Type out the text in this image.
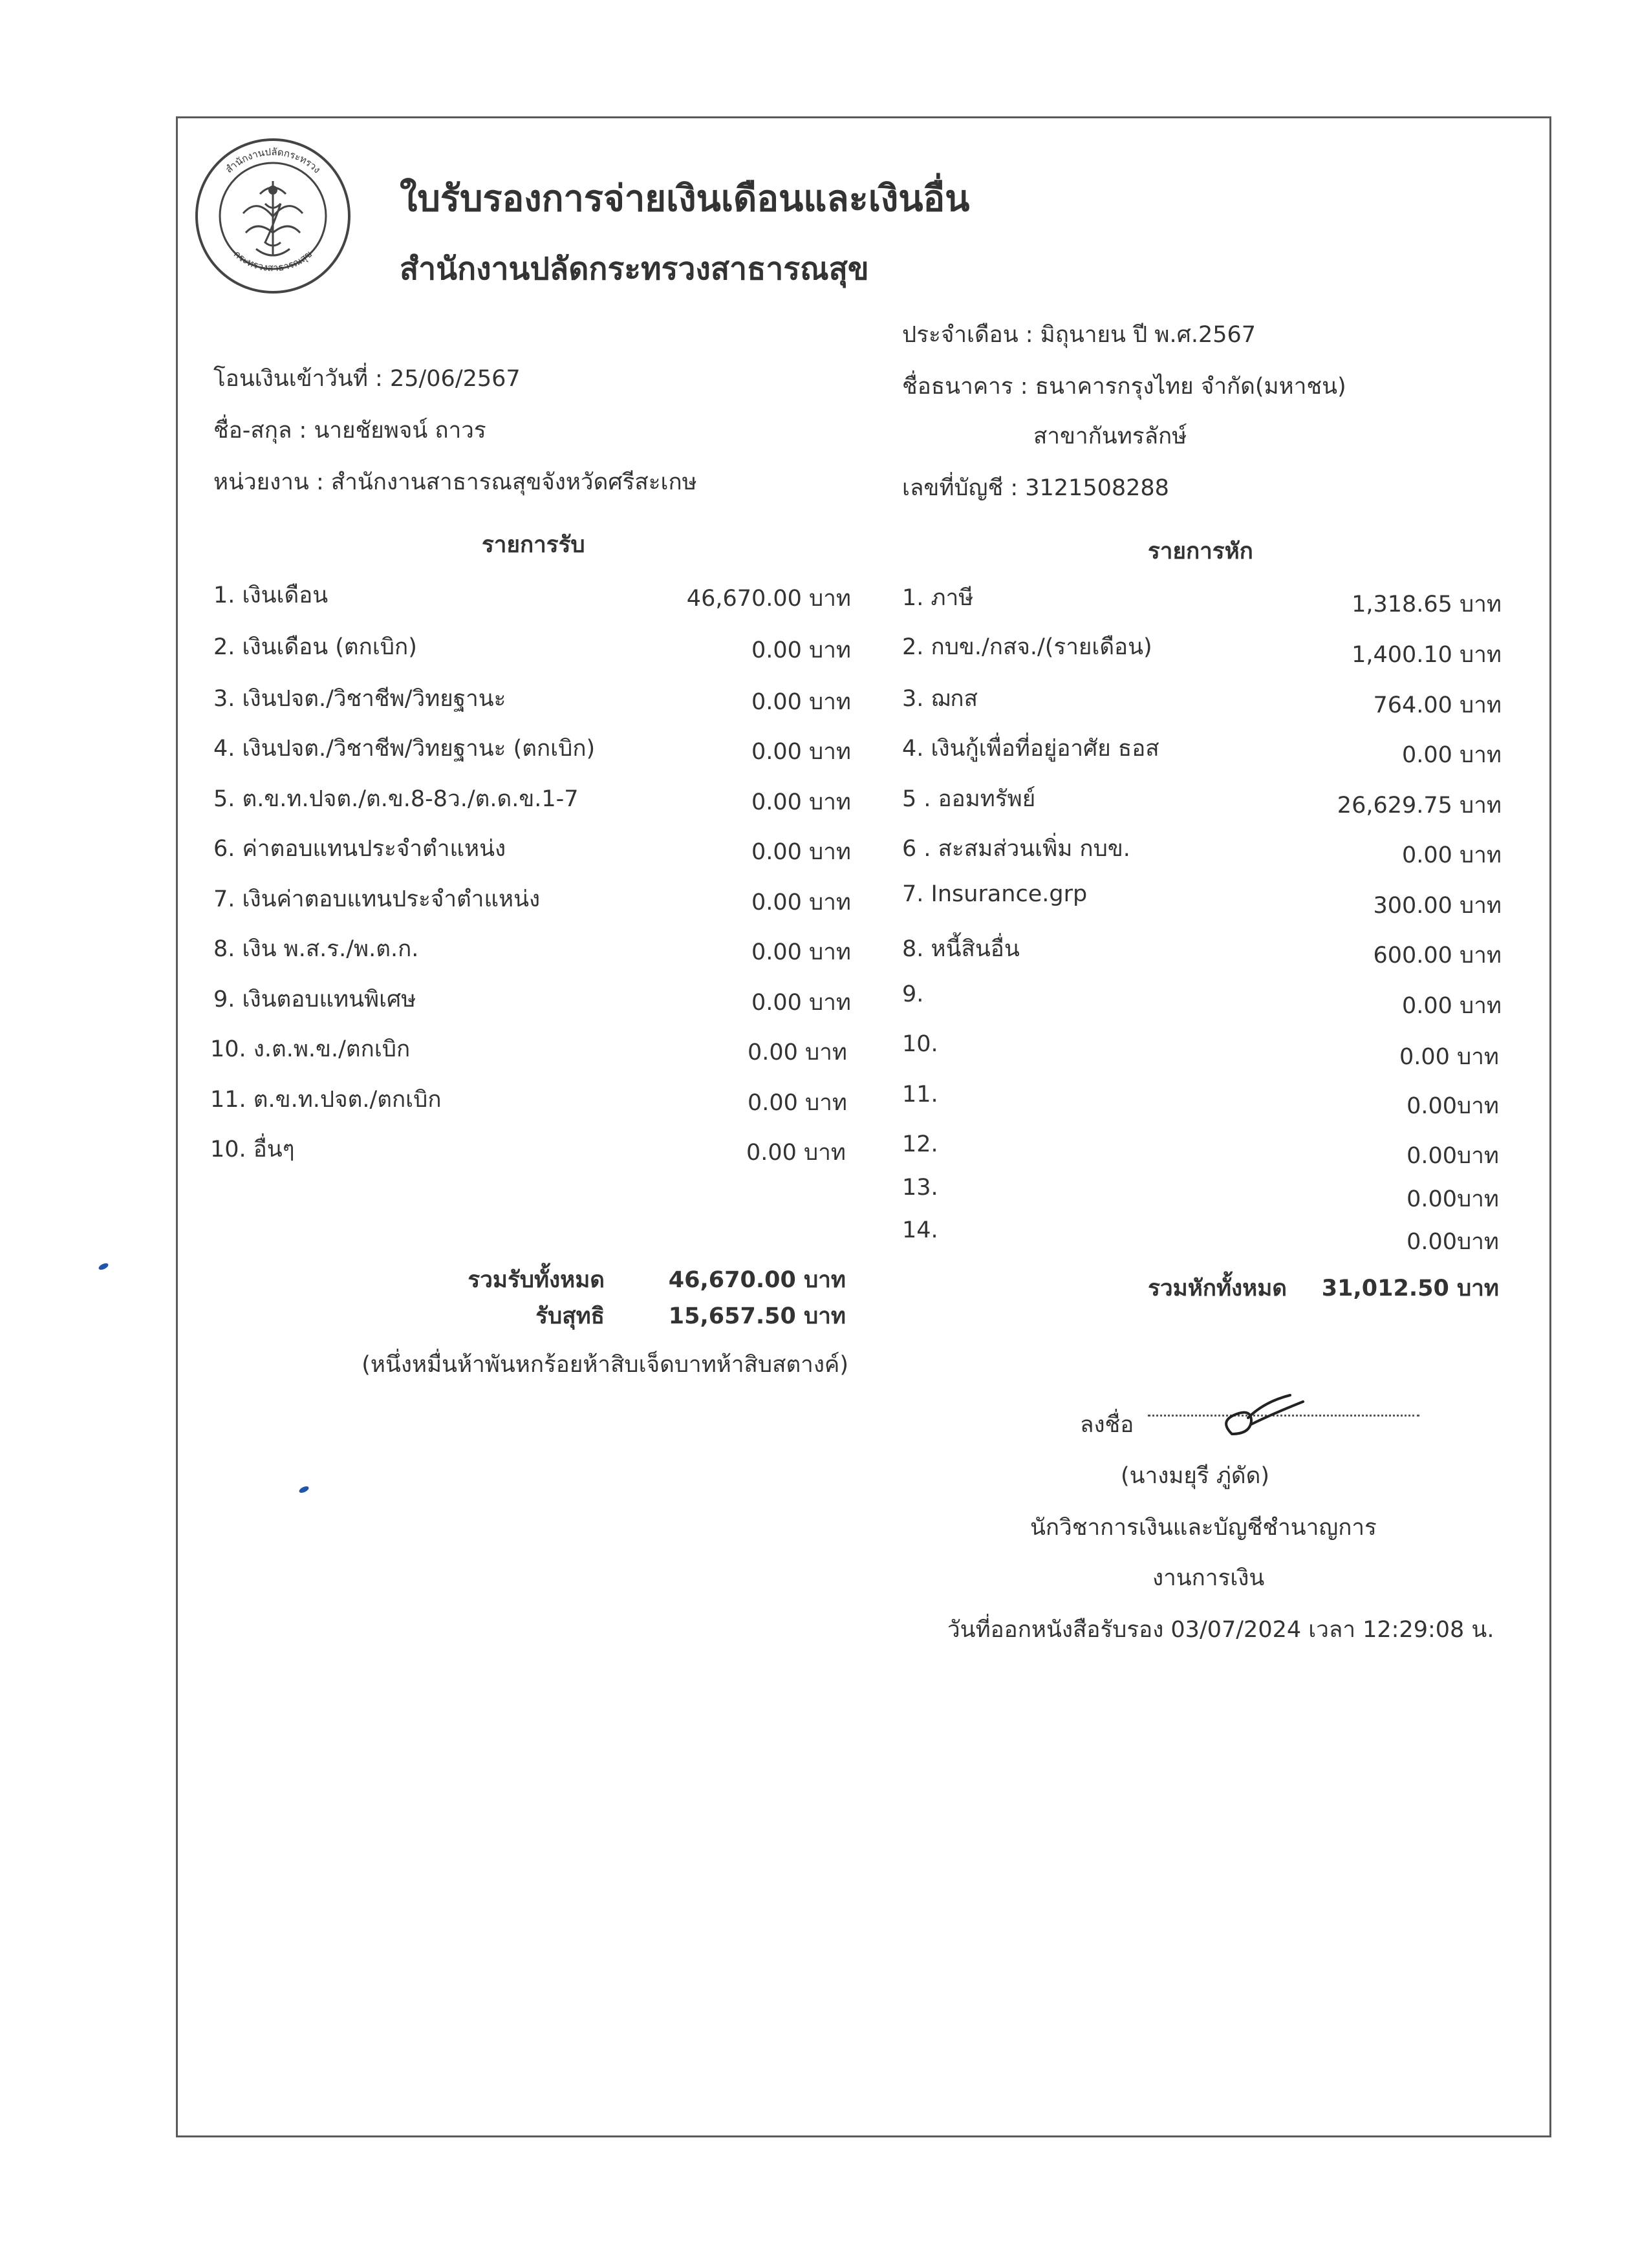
สำนักงานปลัดกระทรวง
กระทรวงสาธารณสุข
ใบรับรองการจ่ายเงินเดือนและเงินอื่น
สำนักงานปลัดกระทรวงสาธารณสุข
ประจำเดือน : มิถุนายน ปี พ.ศ.2567
ชื่อธนาคาร : ธนาคารกรุงไทย จำกัด(มหาชน)
สาขากันทรลักษ์
เลขที่บัญชี : 3121508288
โอนเงินเข้าวันที่ : 25/06/2567
ชื่อ-สกุล : นายชัยพจน์ ถาวร
หน่วยงาน : สำนักงานสาธารณสุขจังหวัดศรีสะเกษ
รายการรับ	รายการหัก
1. เงินเดือน	46,670.00 บาท
2. เงินเดือน (ตกเบิก)	0.00 บาท
3. เงินปจต./วิชาชีพ/วิทยฐานะ	0.00 บาท
4. เงินปจต./วิชาชีพ/วิทยฐานะ (ตกเบิก)	0.00 บาท
5. ต.ข.ท.ปจต./ต.ข.8-8ว./ต.ด.ข.1-7	0.00 บาท
6. ค่าตอบแทนประจำตำแหน่ง	0.00 บาท
7. เงินค่าตอบแทนประจำตำแหน่ง	0.00 บาท
8. เงิน พ.ส.ร./พ.ต.ก.	0.00 บาท
9. เงินตอบแทนพิเศษ	0.00 บาท
10. ง.ต.พ.ข./ตกเบิก	0.00 บาท
11. ต.ข.ท.ปจต./ตกเบิก	0.00 บาท
10. อื่นๆ	0.00 บาท
1. ภาษี	1,318.65 บาท
2. กบข./กสจ./(รายเดือน)	1,400.10 บาท
3. ฌกส	764.00 บาท
4. เงินกู้เพื่อที่อยู่อาศัย ธอส	0.00 บาท
5 . ออมทรัพย์	26,629.75 บาท
6 . สะสมส่วนเพิ่ม กบข.	0.00 บาท
7. Insurance.grp	300.00 บาท
8. หนี้สินอื่น	600.00 บาท
9.	0.00 บาท
10.	0.00 บาท
11.	0.00บาท
12.	0.00บาท
13.	0.00บาท
14.	0.00บาท
รวมรับทั้งหมด	46,670.00 บาท
รับสุทธิ	15,657.50 บาท
(หนึ่งหมื่นห้าพันหกร้อยห้าสิบเจ็ดบาทห้าสิบสตางค์)
รวมหักทั้งหมด 31,012.50 บาท
ลงชื่อ
(นางมยุรี ภู่ดัด)
นักวิชาการเงินและบัญชีชำนาญการ
งานการเงิน
วันที่ออกหนังสือรับรอง 03/07/2024 เวลา 12:29:08 น.
